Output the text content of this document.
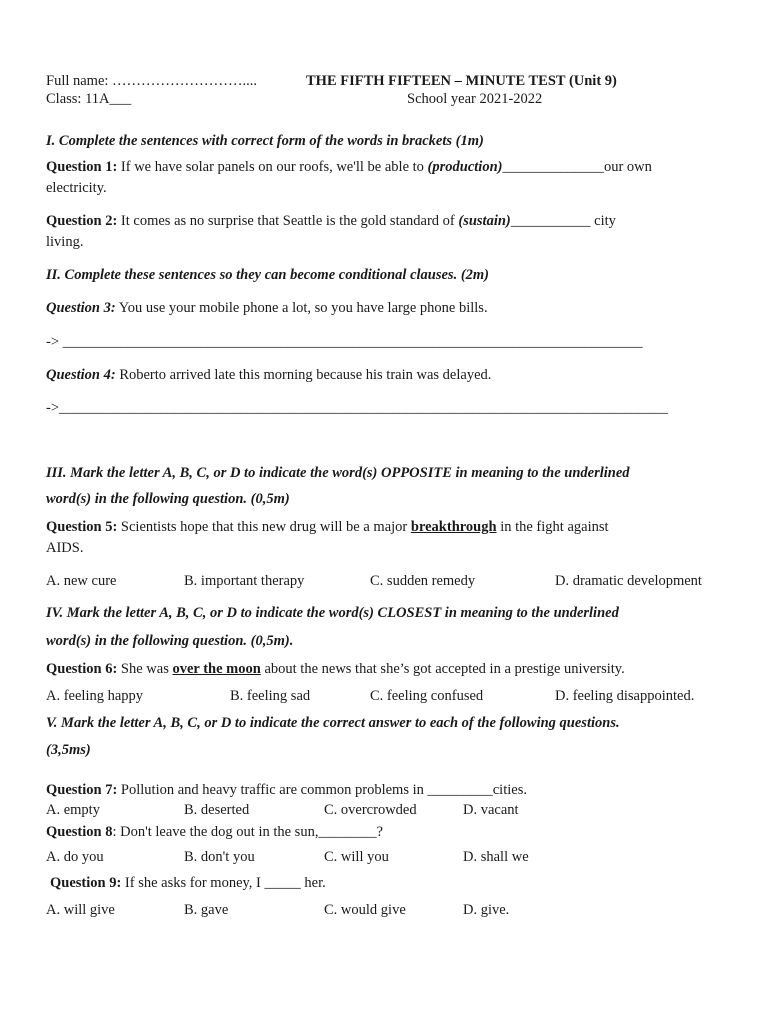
Full name: ………………………....	THE FIFTH FIFTEEN – MINUTE TEST (Unit 9)
Class: 11A___	School year 2021-2022
I. Complete the sentences with correct form of the words in brackets (1m)
Question 1: If we have solar panels on our roofs, we'll be able to (production)______________our own
electricity.
Question 2: It comes as no surprise that Seattle is the gold standard of (sustain)___________ city
living.
II. Complete these sentences so they can become conditional clauses. (2m)
Question 3: You use your mobile phone a lot, so you have large phone bills.
-> ________________________________________________________________________________
Question 4: Roberto arrived late this morning because his train was delayed.
->____________________________________________________________________________________
III. Mark the letter A, B, C, or D to indicate the word(s) OPPOSITE in meaning to the underlined
word(s) in the following question. (0,5m)
Question 5: Scientists hope that this new drug will be a major breakthrough in the fight against
AIDS.
A. new cure	B. important therapy	C. sudden remedy	D. dramatic development
IV. Mark the letter A, B, C, or D to indicate the word(s) CLOSEST in meaning to the underlined
word(s) in the following question. (0,5m).
Question 6: She was over the moon about the news that she’s got accepted in a prestige university.
A. feeling happy	B. feeling sad	C. feeling confused	D. feeling disappointed.
V. Mark the letter A, B, C, or D to indicate the correct answer to each of the following questions.
(3,5ms)
Question 7: Pollution and heavy traffic are common problems in _________cities.
A. empty	B. deserted	C. overcrowded	D. vacant
Question 8: Don't leave the dog out in the sun,________?
A. do you	B. don't you	C. will you	D. shall we
Question 9: If she asks for money, I _____ her.
A. will give	B. gave	C. would give	D. give.
